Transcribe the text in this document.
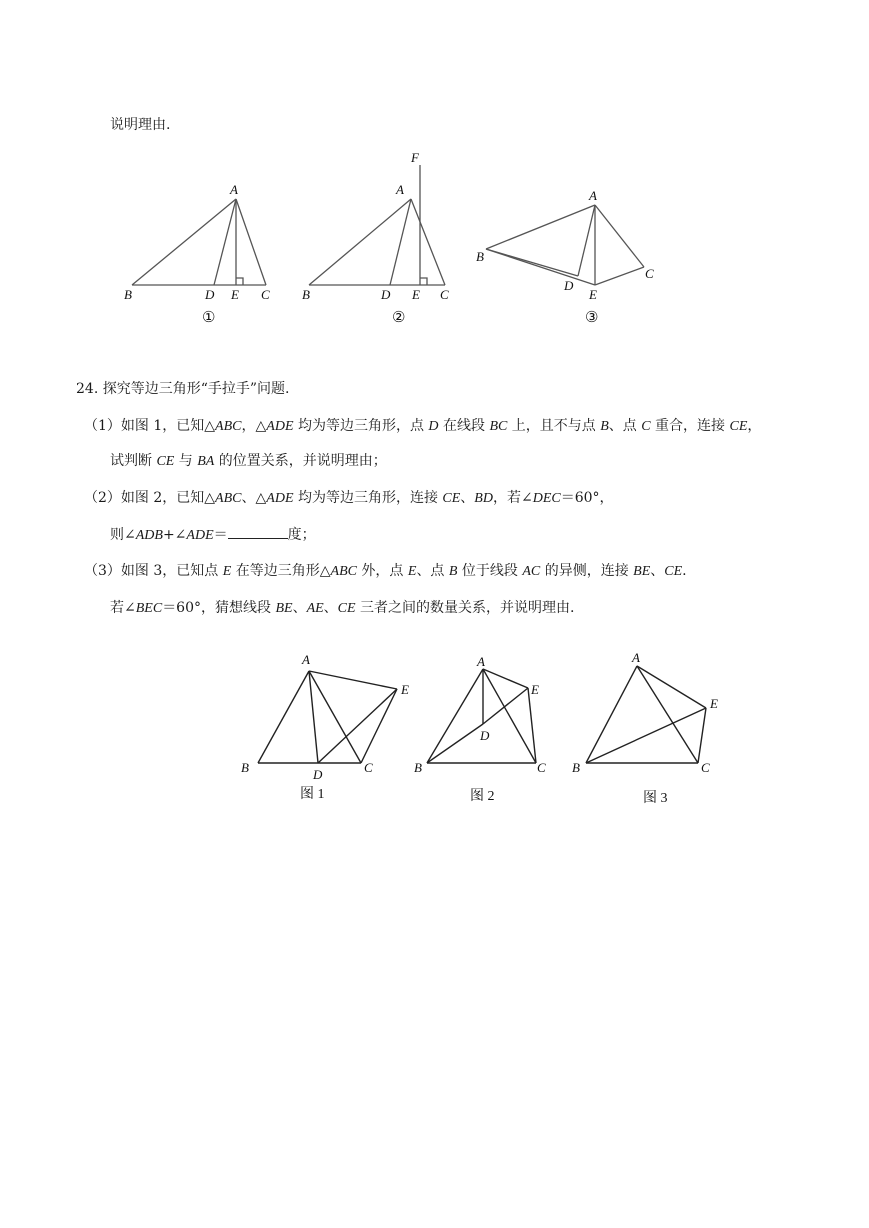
说明理由.
A
B	D E C
①
F
A
B	D E C
②
A
B
D
E
C
③
24. 探究等边三角形“手拉手”问题.
（1）如图 1，已知△ABC，△ADE 均为等边三角形，点 D 在线段 BC 上，且不与点 B、点 C 重合，连接 CE，
试判断 CE 与 BA 的位置关系，并说明理由；
（2）如图 2，已知△ABC、△ADE 均为等边三角形，连接 CE、BD，若∠DEC＝60°，
则∠ADB+∠ADE＝	度；
（3）如图 3，已知点 E 在等边三角形△ABC 外，点 E、点 B 位于线段 AC 的异侧，连接 BE、CE.
若∠BEC＝60°，猜想线段 BE、AE、CE 三者之间的数量关系，并说明理由.
A
B	D	C
E
图 1
A
B
D
C
E
图 2
A
B	C
E
图 3
